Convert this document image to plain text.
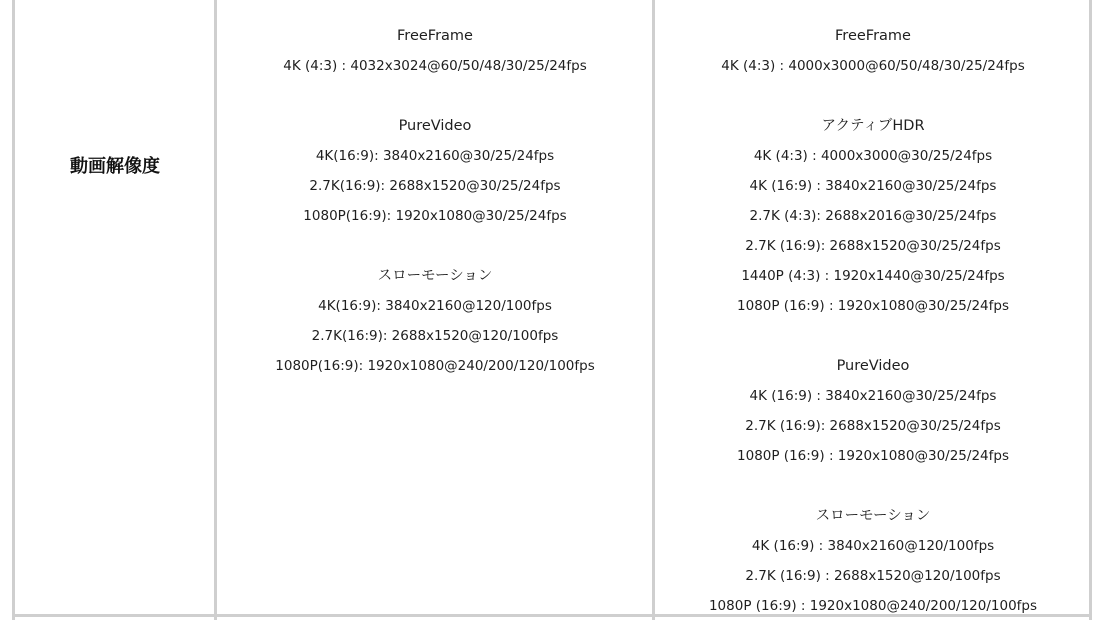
動画解像度
FreeFrame
4K (4:3) : 4032x3024@60/50/48/30/25/24fps
PureVideo
4K(16:9): 3840x2160@30/25/24fps
2.7K(16:9): 2688x1520@30/25/24fps
1080P(16:9): 1920x1080@30/25/24fps
スローモーション
4K(16:9): 3840x2160@120/100fps
2.7K(16:9): 2688x1520@120/100fps
1080P(16:9): 1920x1080@240/200/120/100fps
FreeFrame
4K (4:3) : 4000x3000@60/50/48/30/25/24fps
アクティブHDR
4K (4:3) : 4000x3000@30/25/24fps
4K (16:9) : 3840x2160@30/25/24fps
2.7K (4:3): 2688x2016@30/25/24fps
2.7K (16:9): 2688x1520@30/25/24fps
1440P (4:3) : 1920x1440@30/25/24fps
1080P (16:9) : 1920x1080@30/25/24fps
PureVideo
4K (16:9) : 3840x2160@30/25/24fps
2.7K (16:9): 2688x1520@30/25/24fps
1080P (16:9) : 1920x1080@30/25/24fps
スローモーション
4K (16:9) : 3840x2160@120/100fps
2.7K (16:9) : 2688x1520@120/100fps
1080P (16:9) : 1920x1080@240/200/120/100fps
